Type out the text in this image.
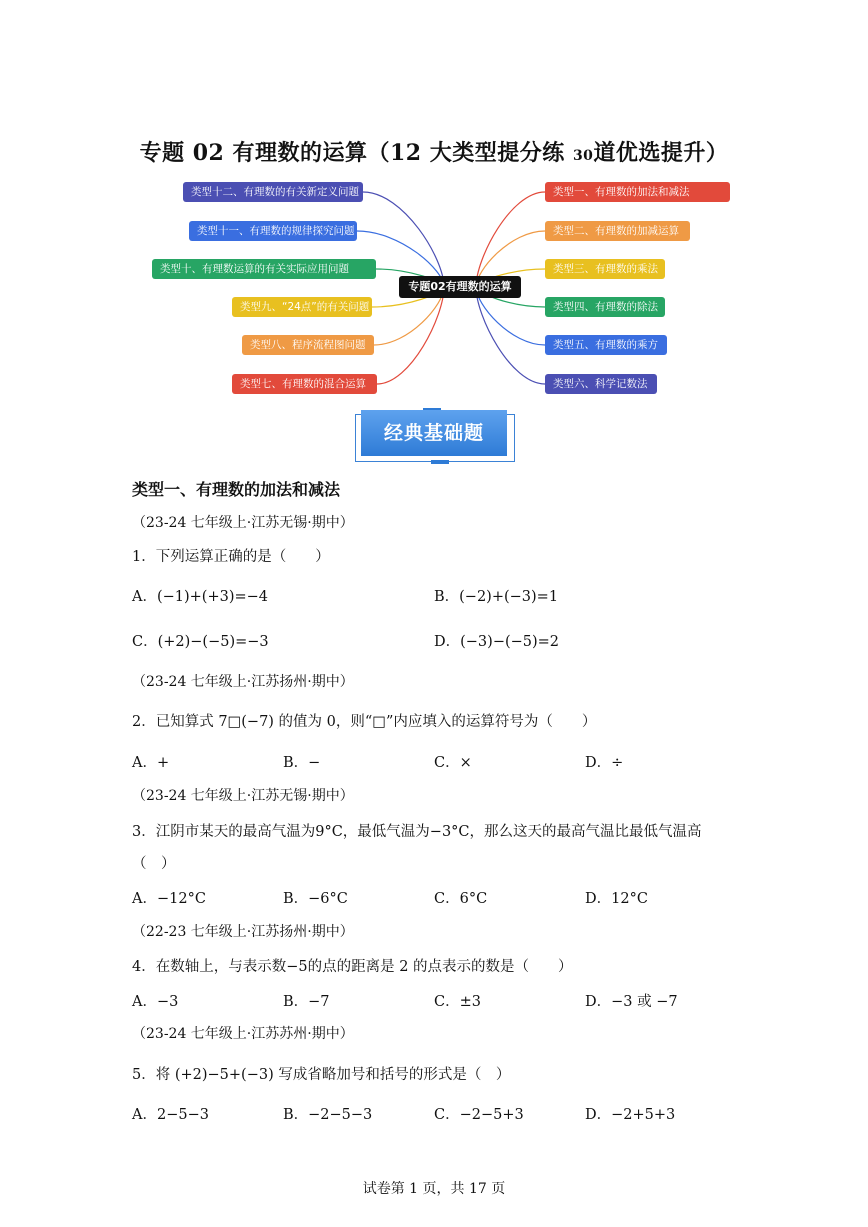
专题 02 有理数的运算（12 大类型提分练 30道优选提升）
专题02有理数的运算
类型十二、有理数的有关新定义问题
类型十一、有理数的规律探究问题
类型十、有理数运算的有关实际应用问题
类型九、“24点”的有关问题
类型八、程序流程图问题
类型七、有理数的混合运算
类型一、有理数的加法和减法
类型二、有理数的加减运算
类型三、有理数的乘法
类型四、有理数的除法
类型五、有理数的乘方
类型六、科学记数法
经典基础题
类型一、有理数的加法和减法
（23-24 七年级上·江苏无锡·期中）
1．下列运算正确的是（　　）
A．(−1)+(+3)=−4	B．(−2)+(−3)=1
C．(+2)−(−5)=−3	D．(−3)−(−5)=2
（23-24 七年级上·江苏扬州·期中）
2．已知算式 7□(−7) 的值为 0，则“□”内应填入的运算符号为（　　）
A．+	B．−	C．×	D．÷
（23-24 七年级上·江苏无锡·期中）
3．江阴市某天的最高气温为9°C，最低气温为−3°C，那么这天的最高气温比最低气温高
（　）
A．−12°C	B．−6°C	C．6°C	D．12°C
（22-23 七年级上·江苏扬州·期中）
4．在数轴上，与表示数−5的点的距离是 2 的点表示的数是（　　）
A．−3	B．−7	C．±3	D．−3 或 −7
（23-24 七年级上·江苏苏州·期中）
5．将 (+2)−5+(−3) 写成省略加号和括号的形式是（　）
A．2−5−3	B．−2−5−3	C．−2−5+3	D．−2+5+3
试卷第 1 页，共 17 页
